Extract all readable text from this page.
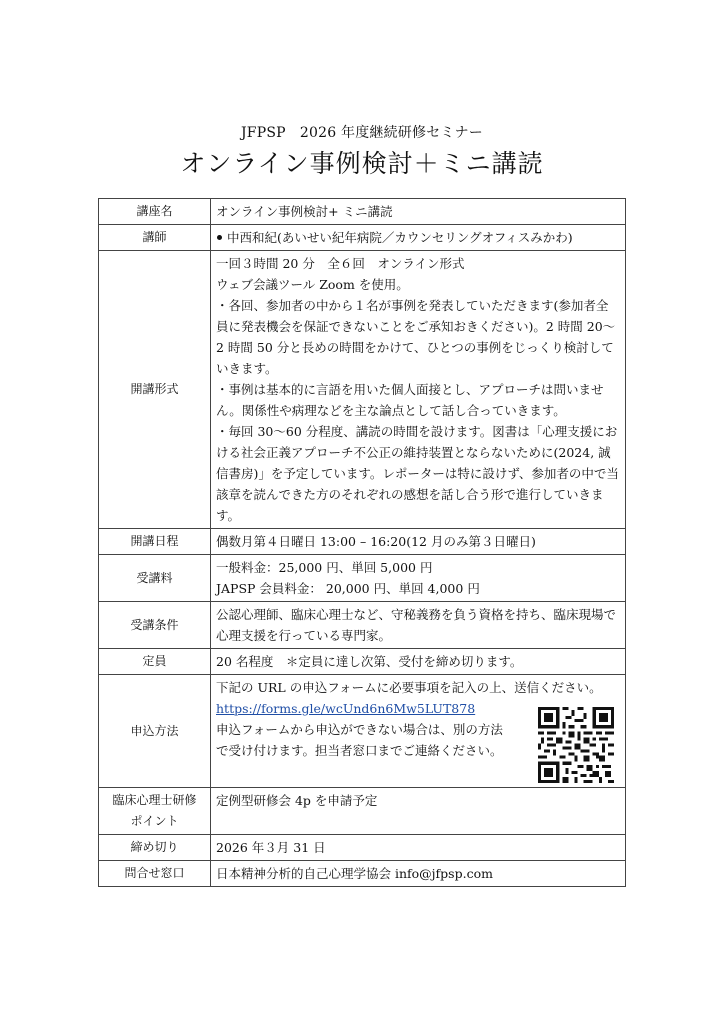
JFPSP　2026 年度継続研修セミナー
オンライン事例検討＋ミニ講読
講座名	オンライン事例検討+ ミニ講読
講師	中西和紀(あいせい紀年病院／カウンセリングオフィスみかわ)
開講形式	一回３時間 20 分　全６回　オンライン形式
ウェブ会議ツール Zoom を使用。
・各回、参加者の中から１名が事例を発表していただきます(参加者全員に発表機会を保証できないことをご承知おきください)。2 時間 20～2 時間 50 分と長めの時間をかけて、ひとつの事例をじっくり検討していきます。
・事例は基本的に言語を用いた個人面接とし、アプローチは問いません。関係性や病理などを主な論点として話し合っていきます。
・毎回 30～60 分程度、講読の時間を設けます。図書は「心理支援における社会正義アプローチ不公正の維持装置とならないために(2024, 誠信書房)」を予定しています。レポーターは特に設けず、参加者の中で当該章を読んできた方のそれぞれの感想を話し合う形で進行していきます。

開講日程	偶数月第４日曜日 13:00 – 16:20(12 月のみ第３日曜日)
受講料	一般料金：25,000 円、単回 5,000 円
JAPSP 会員料金： 20,000 円、単回 4,000 円

受講条件	公認心理師、臨床心理士など、守秘義務を負う資格を持ち、臨床現場で心理支援を行っている専門家。
定員	20 名程度　＊定員に達し次第、受付を締め切ります。
申込方法	下記の URL の申込フォームに必要事項を記入の上、送信ください。
https://forms.gle/wcUnd6n6Mw5LUT878
申込フォームから申込ができない場合は、別の方法
で受け付けます。担当者窓口までご連絡ください。

臨床心理士研修
ポイント	定例型研修会 4p を申請予定
締め切り	2026 年３月 31 日
問合せ窓口	日本精神分析的自己心理学協会 info@jfpsp.com
